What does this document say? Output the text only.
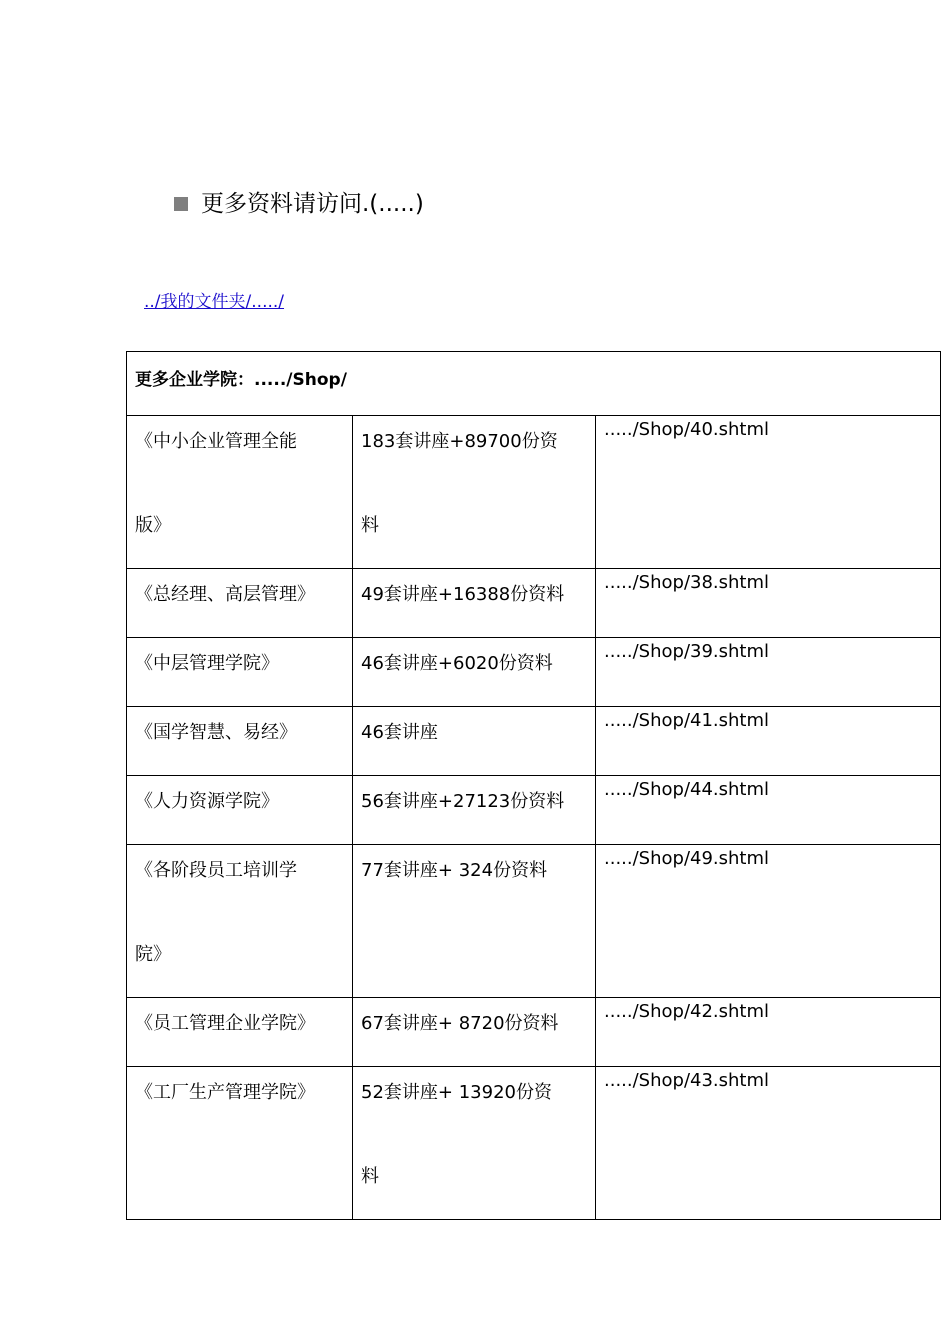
更多资料请访问.(.....)
../我的文件夹/...../
更多企业学院：...../Shop/		

《中小企业管理全能
版》	183套讲座+89700份资
料	...../Shop/40.shtml

《总经理、高层管理》	49套讲座+16388份资料	...../Shop/38.shtml

《中层管理学院》	46套讲座+6020份资料	...../Shop/39.shtml

《国学智慧、易经》	46套讲座	...../Shop/41.shtml

《人力资源学院》	56套讲座+27123份资料	...../Shop/44.shtml

《各阶段员工培训学
院》	77套讲座+ 324份资料	...../Shop/49.shtml

《员工管理企业学院》	67套讲座+ 8720份资料	...../Shop/42.shtml

《工厂生产管理学院》	52套讲座+ 13920份资
料	...../Shop/43.shtml
